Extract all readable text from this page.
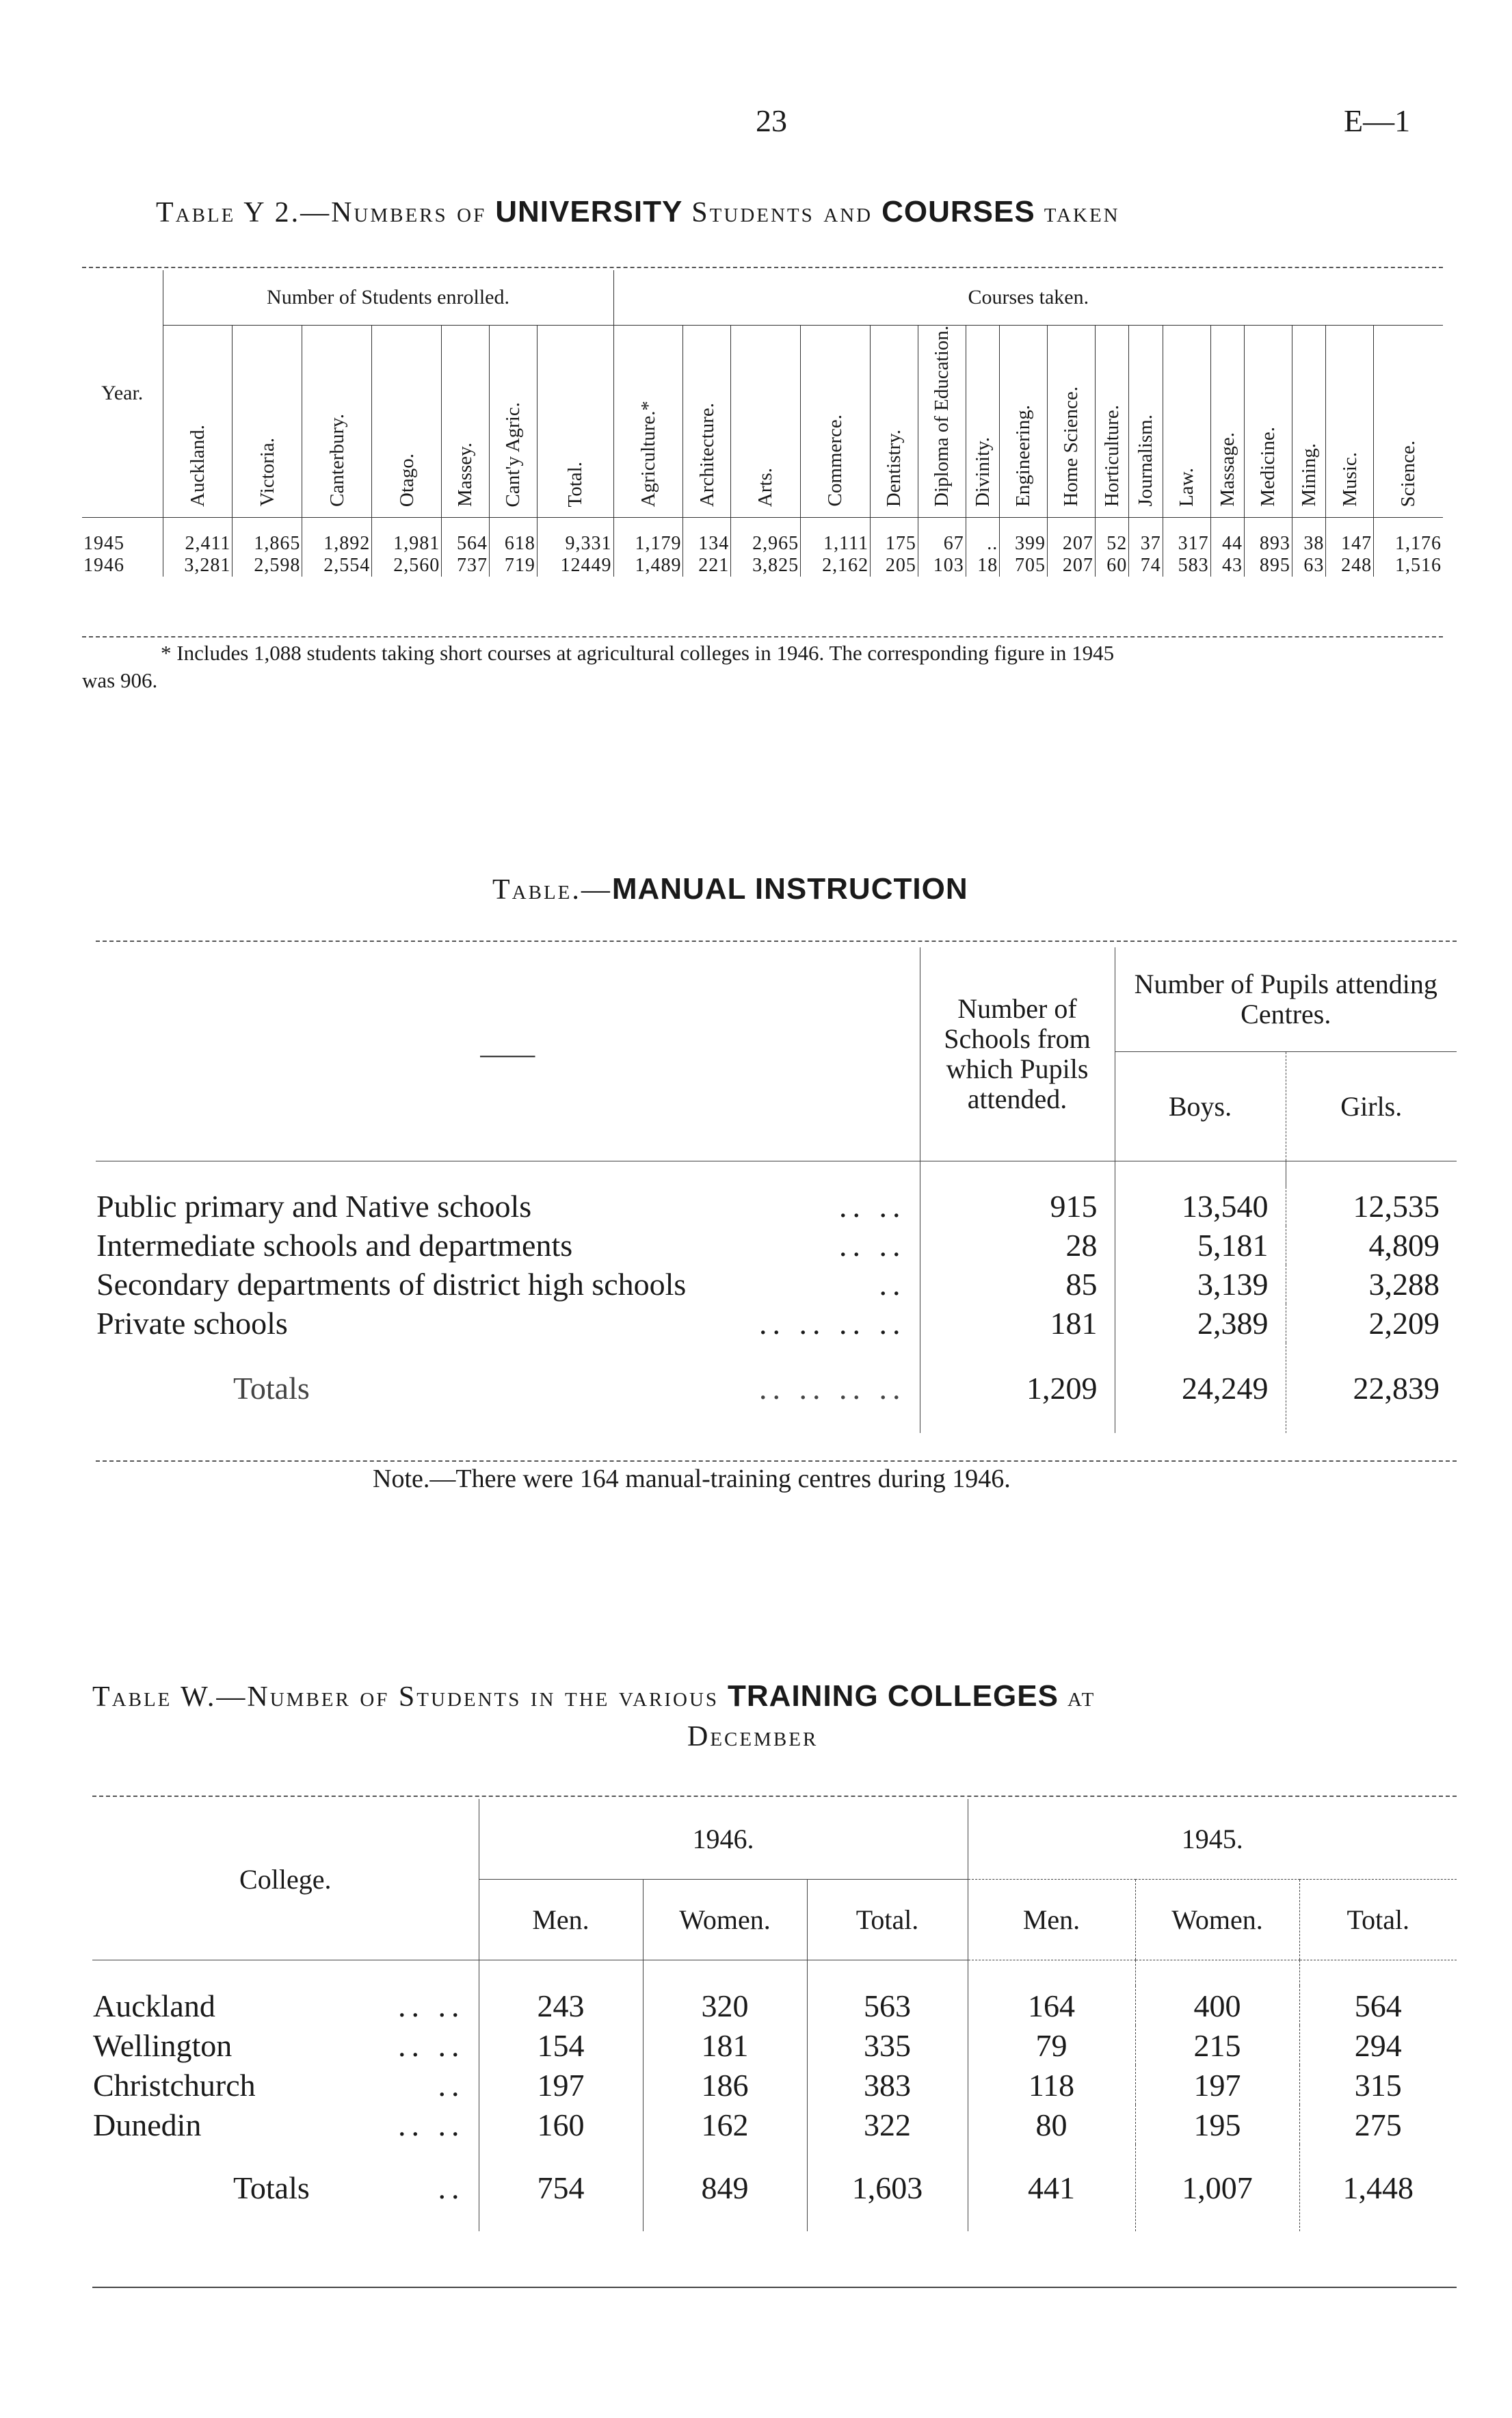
23	E—1
Table Y 2.—Numbers of UNIVERSITY Students and COURSES taken
Year.	Number of Students enrolled.							Courses taken.																
	Auckland.	Victoria.	Canterbury.	Otago.	Massey.	Cant'y Agric.	Total.	Agriculture.*	Architecture.	Arts.	Commerce.	Dentistry.	Diploma of Education.	Divinity.	Engineering.	Home Science.	Horticulture.	Journalism.	Law.	Massage.	Medicine.	Mining.	Music.	Science.
1945	2,411	1,865	1,892	1,981	564	618	9,331	1,179	134	2,965	1,111	175	67	..	399	207	52	37	317	44	893	38	147	1,176
1946	3,281	2,598	2,554	2,560	737	719	12449	1,489	221	3,825	2,162	205	103	18	705	207	60	74	583	43	895	63	248	1,516
* Includes 1,088 students taking short courses at agricultural colleges in 1946. The corresponding figure in 1945
was 906.
Table.—MANUAL INSTRUCTION
——	Number of Schools from which Pupils attended.	Number of Pupils attending Centres.	
		Boys.	Girls.

Public primary and Native schools .. ..	915	13,540	12,535
Intermediate schools and departments .. ..	28	5,181	4,809
Secondary departments of district high schools ..	85	3,139	3,288
Private schools .. .. .. ..	181	2,389	2,209
Totals .. .. .. ..	1,209	24,249	22,839
Note.—There were 164 manual-training centres during 1946.
Table W.—Number of Students in the various TRAINING COLLEGES at
December
College.	1946.			1945.		
	Men.	Women.	Total.	Men.	Women.	Total.

Auckland .. ..	243	320	563	164	400	564
Wellington .. ..	154	181	335	79	215	294
Christchurch ..	197	186	383	118	197	315
Dunedin .. ..	160	162	322	80	195	275
Totals ..	754	849	1,603	441	1,007	1,448
